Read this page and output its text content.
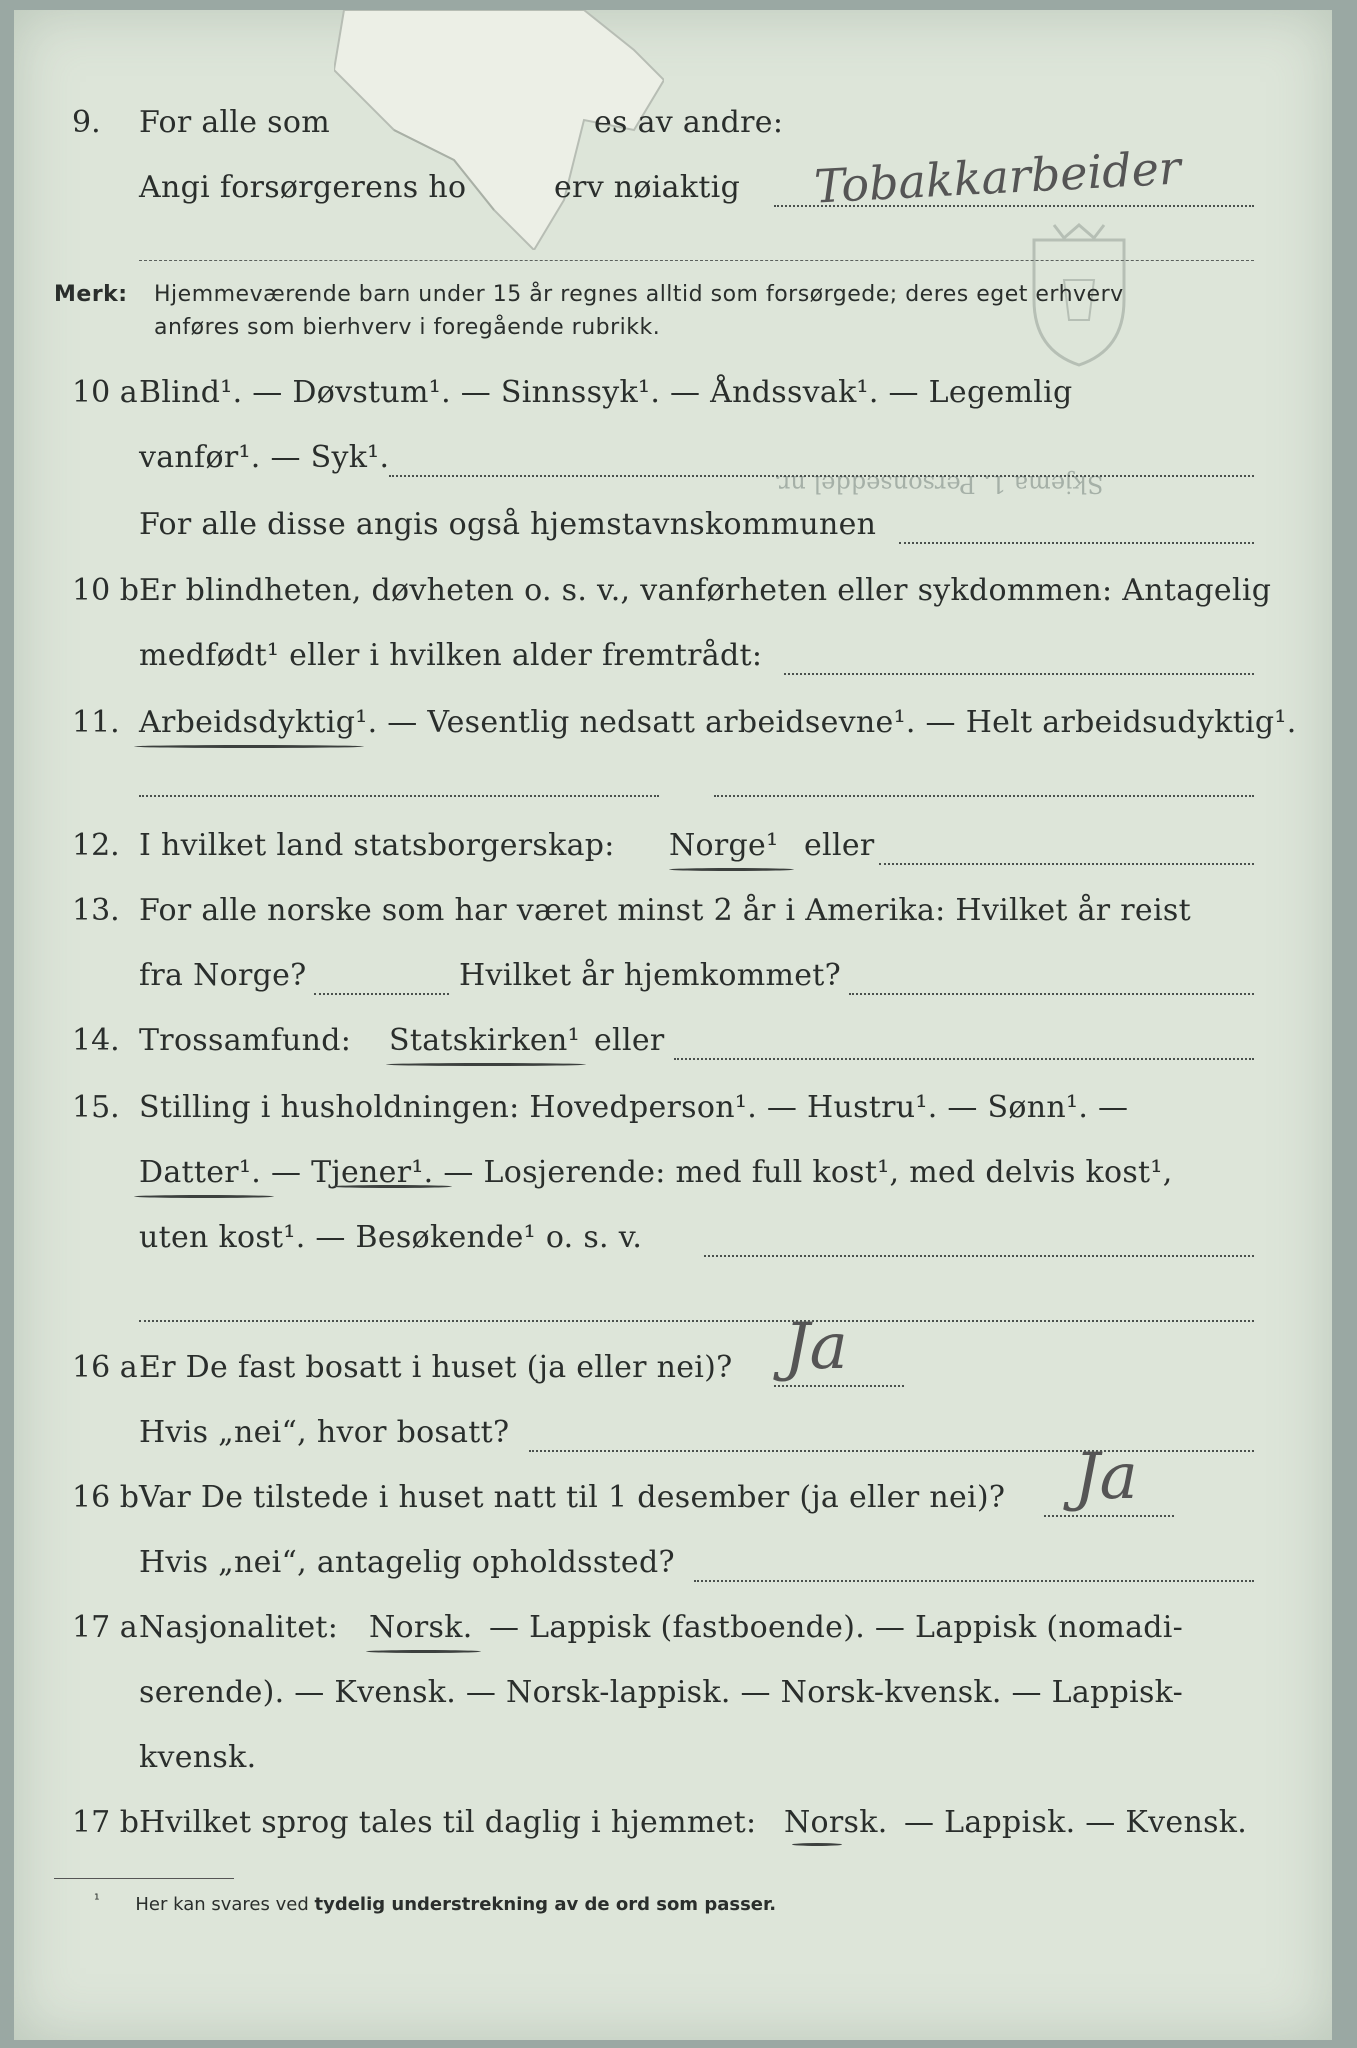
Skjema 1. Personseddel nr.
9. For alle som	es av andre:
Angi forsørgerens ho	erv nøiaktig Tobakkarbeider
Merk: Hjemmeværende barn under 15 år regnes alltid som forsørgede; deres eget erhverv
anføres som bierhverv i foregående rubrikk.
10 a Blind¹. — Døvstum¹. — Sinnssyk¹. — Åndssvak¹. — Legemlig
vanfør¹. — Syk¹.
For alle disse angis også hjemstavnskommunen
10 b Er blindheten, døvheten o. s. v., vanførheten eller sykdommen: Antagelig
medfødt¹ eller i hvilken alder fremtrådt:
11. Arbeidsdyktig¹. — Vesentlig nedsatt arbeidsevne¹. — Helt arbeidsudyktig¹.
12. I hvilket land statsborgerskap: Norge¹ eller
13. For alle norske som har været minst 2 år i Amerika: Hvilket år reist
fra Norge?	Hvilket år hjemkommet?
14. Trossamfund: Statskirken¹ eller
15. Stilling i husholdningen: Hovedperson¹. — Hustru¹. — Sønn¹. —
Datter¹. — Tjener¹. — Losjerende: med full kost¹, med delvis kost¹,
uten kost¹. — Besøkende¹ o. s. v.
16 a Er De fast bosatt i huset (ja eller nei)? Ja
Hvis „nei“, hvor bosatt?
16 b Var De tilstede i huset natt til 1 desember (ja eller nei)? Ja
Hvis „nei“, antagelig opholdssted?
17 a Nasjonalitet: Norsk. — Lappisk (fastboende). — Lappisk (nomadi-
serende). — Kvensk. — Norsk-lappisk. — Norsk-kvensk. — Lappisk-
kvensk.
17 b Hvilket sprog tales til daglig i hjemmet: Norsk. — Lappisk. — Kvensk.
$^{^1}$ Her kan svares ved tydelig understrekning av de ord som passer.
